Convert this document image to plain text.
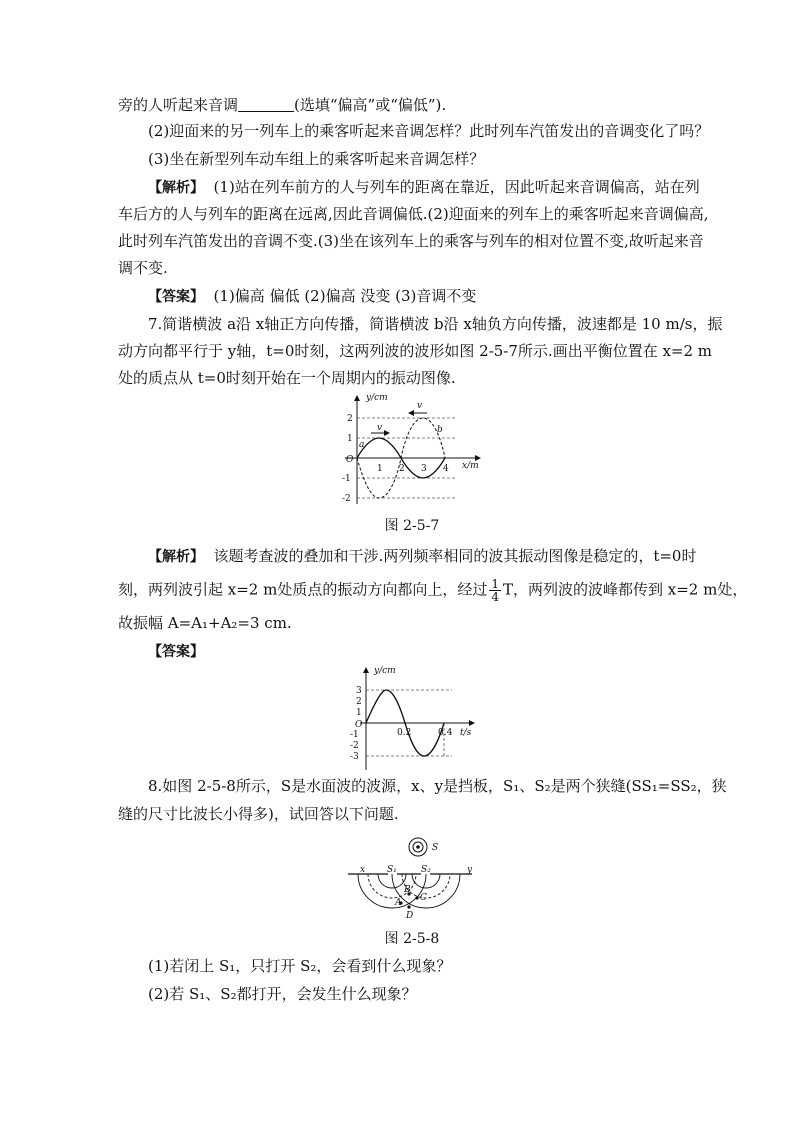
旁的人听起来音调	(选填“偏高”或“偏低”).
(2)迎面来的另一列车上的乘客听起来音调怎样？此时列车汽笛发出的音调变化了吗？
(3)坐在新型列车动车组上的乘客听起来音调怎样？
【解析】 (1)站在列车前方的人与列车的距离在靠近，因此听起来音调偏高，站在列
车后方的人与列车的距离在远离,因此音调偏低.(2)迎面来的列车上的乘客听起来音调偏高,
此时列车汽笛发出的音调不变.(3)坐在该列车上的乘客与列车的相对位置不变,故听起来音
调不变.
【答案】 (1)偏高 偏低 (2)偏高 没变 (3)音调不变
7.简谐横波 a沿 x轴正方向传播，简谐横波 b沿 x轴负方向传播，波速都是 10 m/s，振
动方向都平行于 y轴，t=0时刻，这两列波的波形如图 2-5-7所示.画出平衡位置在 x=2 m
处的质点从 t=0时刻开始在一个周期内的振动图像.
y/cm
x/m
2
1
O
-1
-2
1 2 3 4
a
b
v
v
图 2-5-7
【解析】 该题考查波的叠加和干涉.两列频率相同的波其振动图像是稳定的，t=0时
刻，两列波引起 x=2 m处质点的振动方向都向上，经过 $\frac{1}{4}$ T，两列波的波峰都传到 x=2 m处，
故振幅 A=A₁+A₂=3 cm.
【答案】
y/cm
t/s
3
2
1
O
-1
-2
-3
0.2	0.4
8.如图 2-5-8所示，S是水面波的波源，x、y是挡板，S₁、S₂是两个狭缝(SS₁=SS₂，狭
缝的尺寸比波长小得多)，试回答以下问题.
S
x	y
S₁	S₂
A
B
C
D
图 2-5-8
(1)若闭上 S₁，只打开 S₂，会看到什么现象？
(2)若 S₁、S₂都打开，会发生什么现象？
